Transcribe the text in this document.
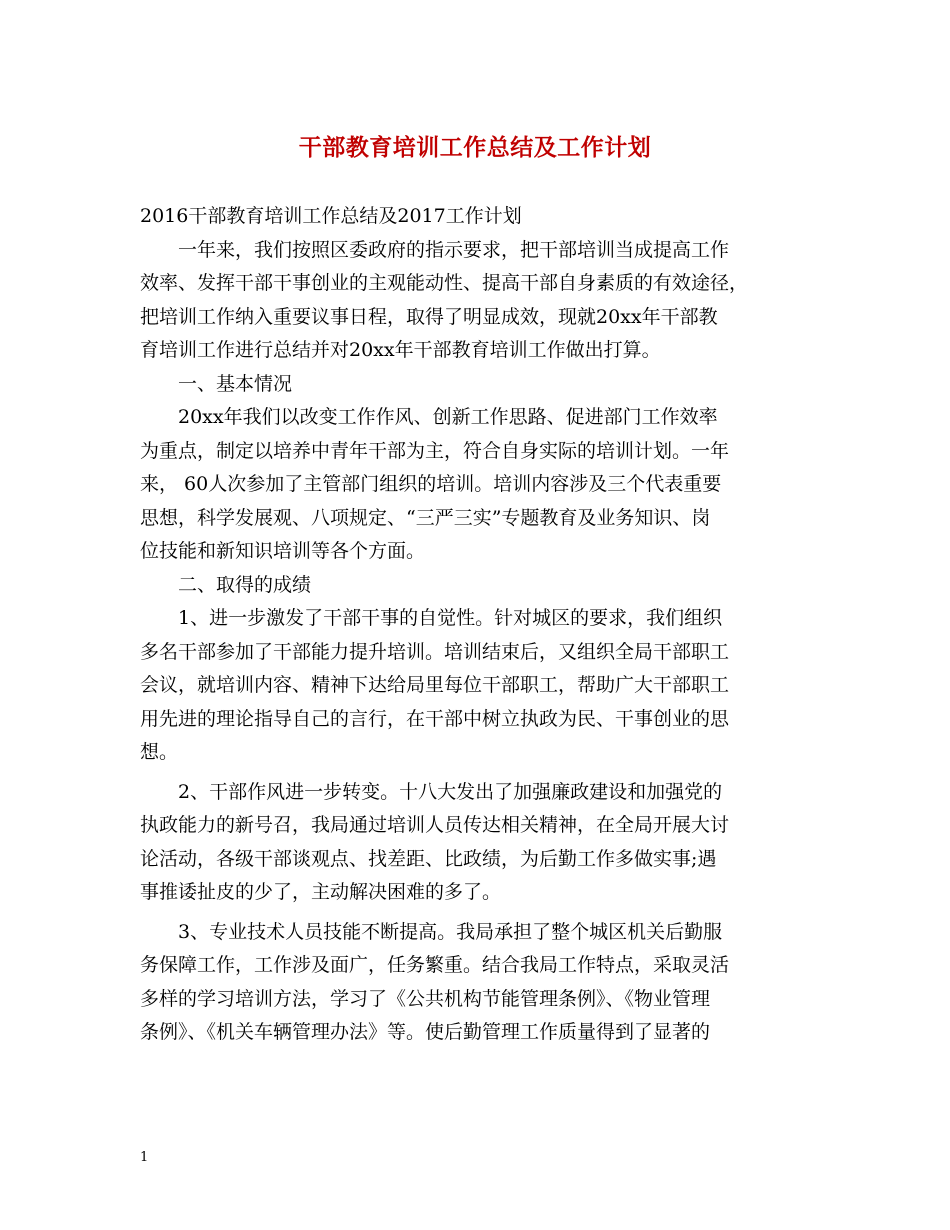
干部教育培训工作总结及工作计划
2016干部教育培训工作总结及2017工作计划
一年来，我们按照区委政府的指示要求，把干部培训当成提高工作
效率、发挥干部干事创业的主观能动性、提高干部自身素质的有效途径，
把培训工作纳入重要议事日程，取得了明显成效，现就20xx年干部教
育培训工作进行总结并对20xx年干部教育培训工作做出打算。
一、基本情况
20xx年我们以改变工作作风、创新工作思路、促进部门工作效率
为重点，制定以培养中青年干部为主，符合自身实际的培训计划。一年
来， 60人次参加了主管部门组织的培训。培训内容涉及三个代表重要
思想，科学发展观、八项规定、“三严三实”专题教育及业务知识、岗
位技能和新知识培训等各个方面。
二、取得的成绩
1、进一步激发了干部干事的自觉性。针对城区的要求，我们组织
多名干部参加了干部能力提升培训。培训结束后，又组织全局干部职工
会议，就培训内容、精神下达给局里每位干部职工，帮助广大干部职工
用先进的理论指导自己的言行，在干部中树立执政为民、干事创业的思
想。
2、干部作风进一步转变。十八大发出了加强廉政建设和加强党的
执政能力的新号召，我局通过培训人员传达相关精神，在全局开展大讨
论活动，各级干部谈观点、找差距、比政绩，为后勤工作多做实事;遇
事推诿扯皮的少了，主动解决困难的多了。
3、专业技术人员技能不断提高。我局承担了整个城区机关后勤服
务保障工作，工作涉及面广，任务繁重。结合我局工作特点，采取灵活
多样的学习培训方法，学习了《公共机构节能管理条例》、《物业管理
条例》、《机关车辆管理办法》等。使后勤管理工作质量得到了显著的
1
